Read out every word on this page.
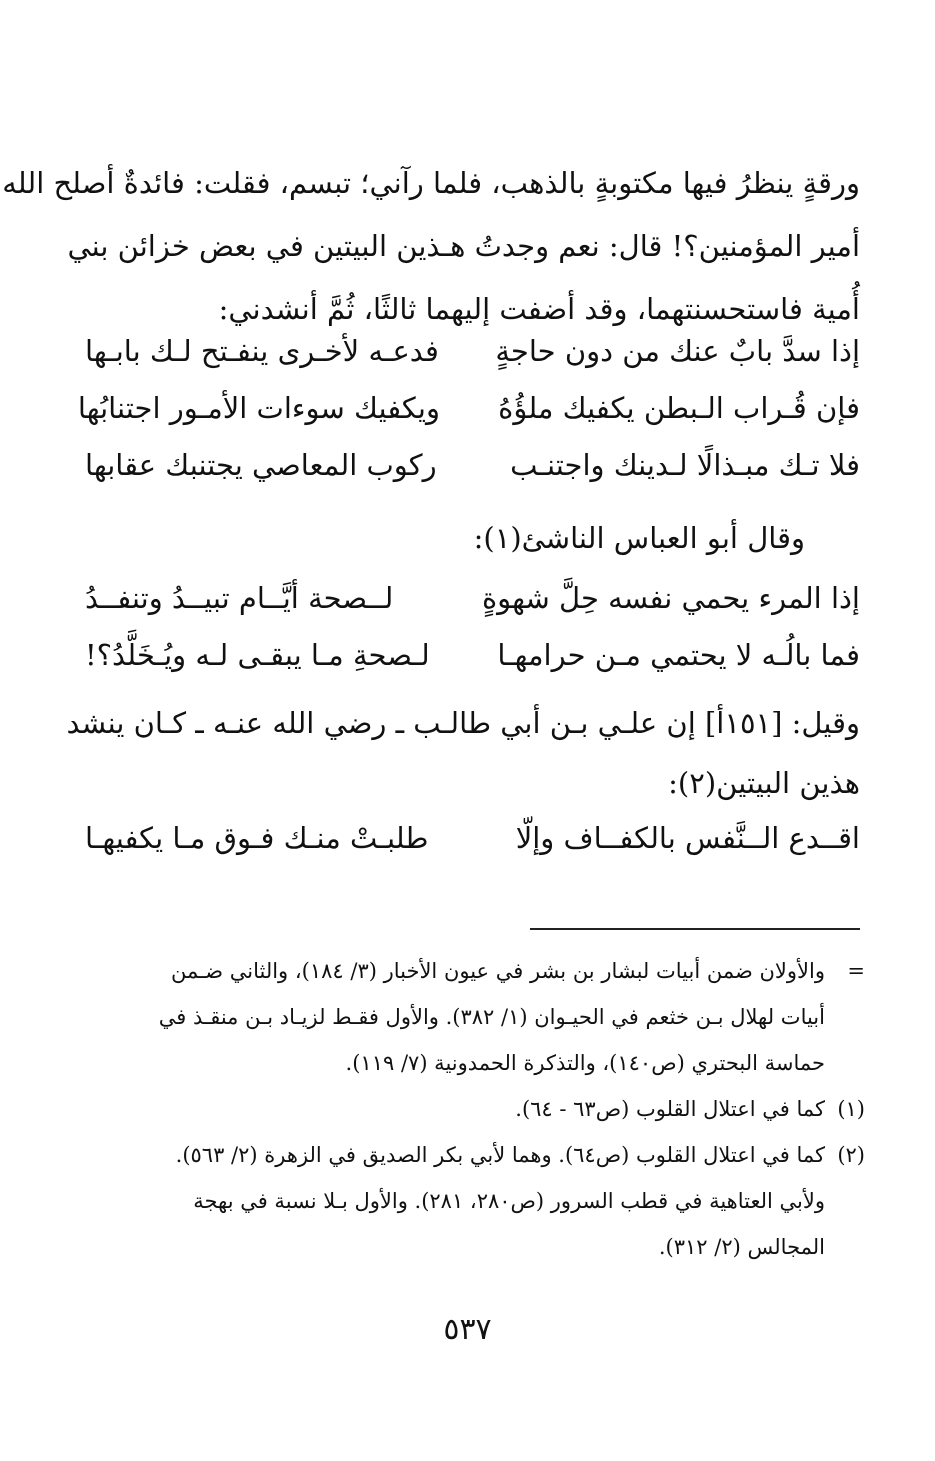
ورقةٍ ينظرُ فيها مكتوبةٍ بالذهب، فلما رآني؛ تبسم، فقلت: فائدةٌ أصلح الله
أمير المؤمنين؟! قال: نعم وجدتُ هـذين البيتين في بعض خزائن بني
أُمية فاستحسنتهما، وقد أضفت إليهما ثالثًا، ثُمَّ أنشدني:
إذا سدَّ بابٌ عنك من دون حاجةٍ
فدعـه لأخـرى ينفـتح لـك بابـها
فإن قُـراب الـبطن يكفيك ملؤُهُ
ويكفيك سوءات الأمـور اجتنابُها
فلا تـك مبـذالًا لـدينك واجتنـب
ركوب المعاصي يجتنبك عقابها
وقال أبو العباس الناشئ(١):
إذا المرء يحمي نفسه حِلَّ شهوةٍ
لــصحة أيَّــام تبيــدُ وتنفــدُ
فما بالُـه لا يحتمي مـن حرامهـا
لـصحةِ مـا يبقـى لـه ويُـخَلَّدُ؟!
وقيل: [١٥١أ] إن علـي بـن أبي طالـب ـ رضي الله عنـه ـ كـان ينشد
هذين البيتين(٢):
اقــدع الــنَّفس بالكفــاف وإلّا
طلبـتْ منـك فـوق مـا يكفيهـا
=
والأولان ضمن أبيات لبشار بن بشر في عيون الأخبار (٣/ ١٨٤)، والثاني ضـمن
أبيات لهلال بـن خثعم في الحيـوان (١/ ٣٨٢). والأول فقـط لزيـاد بـن منقـذ في
حماسة البحتري (ص١٤٠)، والتذكرة الحمدونية (٧/ ١١٩).
(١)
كما في اعتلال القلوب (ص٦٣ - ٦٤).
(٢)
كما في اعتلال القلوب (ص٦٤). وهما لأبي بكر الصديق في الزهرة (٢/ ٥٦٣).
ولأبي العتاهية في قطب السرور (ص٢٨٠، ٢٨١). والأول بـلا نسبة في بهجة
المجالس (٢/ ٣١٢).
٥٣٧
